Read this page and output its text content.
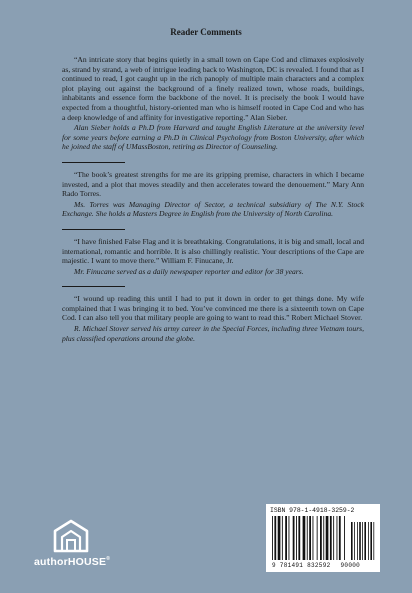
Reader Comments

“An intricate story that begins quietly in a small town on Cape Cod and climaxes explosively as, strand by strand, a web of intrigue leading back to Washington, DC is revealed. I found that as I continued to read, I got caught up in the rich panoply of multiple main characters and a complex plot playing out against the background of a finely realized town, whose roads, buildings, inhabitants and essence form the backbone of the novel. It is precisely the book I would have expected from a thoughtful, history-oriented man who is himself rooted in Cape Cod and who has a deep knowledge of and affinity for investigative reporting.” Alan Sieber.

Alan Sieber holds a Ph.D from Harvard and taught English Literature at the university level for some years before earning a Ph.D in Clinical Psychology from Boston University, after which he joined the staff of UMassBoston, retiring as Director of Counseling.

“The book’s greatest strengths for me are its gripping premise, characters in which I became invested, and a plot that moves steadily and then accelerates toward the denouement.” Mary Ann Rado Torres.

Ms. Torres was Managing Director of Sector, a technical subsidiary of The N.Y. Stock Exchange. She holds a Masters Degree in English from the University of North Carolina.

“I have finished False Flag and it is breathtaking. Congratulations, it is big and small, local and international, romantic and horrible. It is also chillingly realistic. Your descriptions of the Cape are majestic. I want to move there.” William F. Finucane, Jr.

Mr. Finucane served as a daily newspaper reporter and editor for 38 years.

“I wound up reading this until I had to put it down in order to get things done. My wife complained that I was bringing it to bed. You’ve convinced me there is a sixteenth town on Cape Cod. I can also tell you that military people are going to want to read this.” Robert Michael Stover.

R. Michael Stover served his army career in the Special Forces, including three Vietnam tours, plus classified operations around the globe.

authorHOUSE®
ISBN 978-1-4918-3259-2
9 781491 832592 90000
